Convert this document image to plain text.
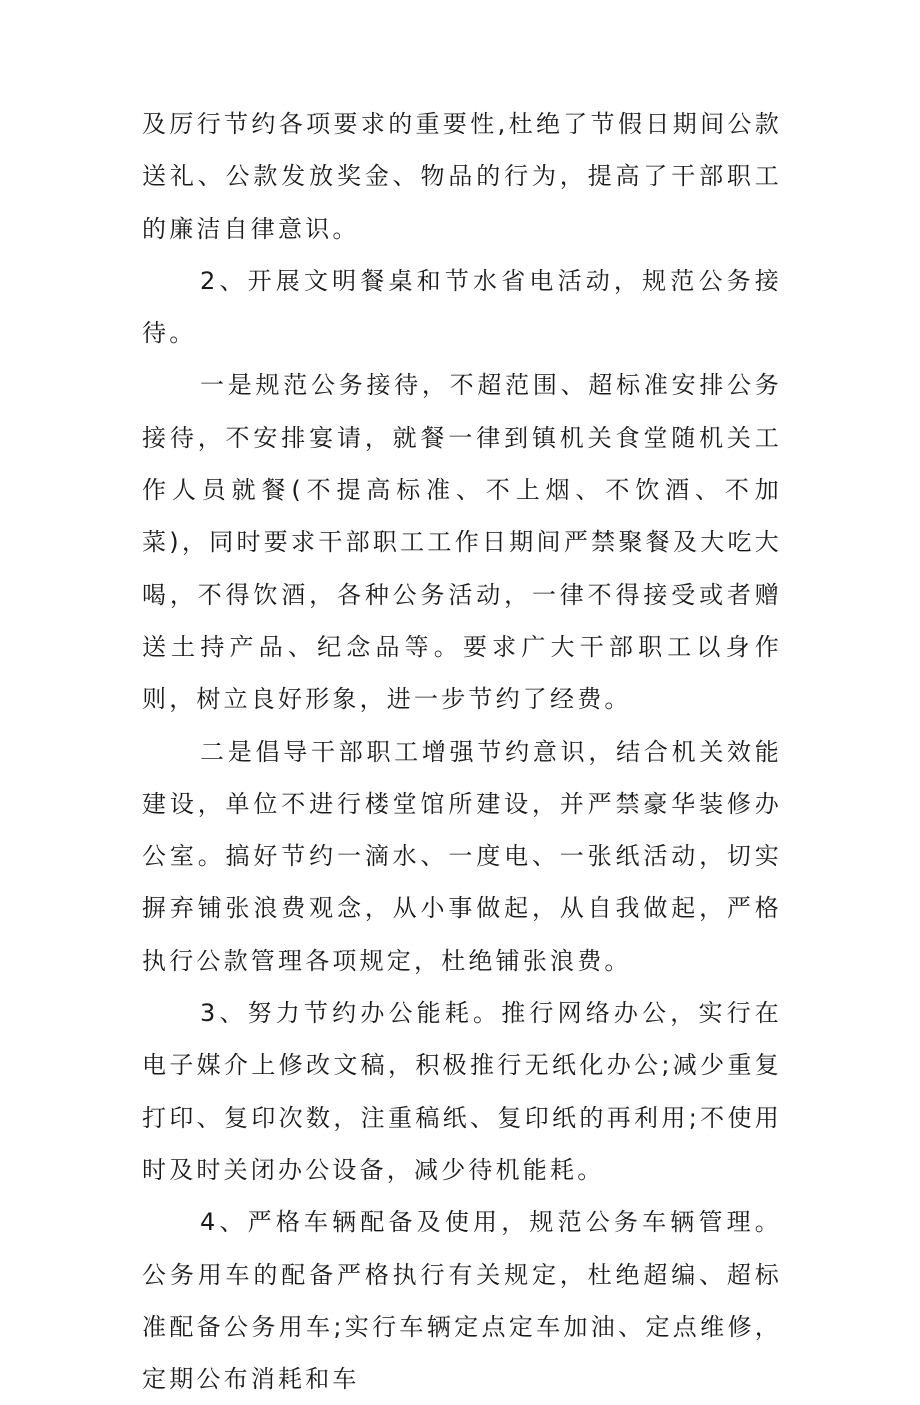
及厉行节约各项要求的重要性,杜绝了节假日期间公款送礼、公款发放奖金、物品的行为，提高了干部职工的廉洁自律意识。

2、开展文明餐桌和节水省电活动，规范公务接待。

一是规范公务接待，不超范围、超标准安排公务接待，不安排宴请，就餐一律到镇机关食堂随机关工作人员就餐(不提高标准、不上烟、不饮酒、不加菜)，同时要求干部职工工作日期间严禁聚餐及大吃大喝，不得饮酒，各种公务活动，一律不得接受或者赠送土持产品、纪念品等。要求广大干部职工以身作则，树立良好形象，进一步节约了经费。

二是倡导干部职工增强节约意识，结合机关效能建设，单位不进行楼堂馆所建设，并严禁豪华装修办公室。搞好节约一滴水、一度电、一张纸活动，切实摒弃铺张浪费观念，从小事做起，从自我做起，严格执行公款管理各项规定，杜绝铺张浪费。

3、努力节约办公能耗。推行网络办公，实行在电子媒介上修改文稿，积极推行无纸化办公;减少重复打印、复印次数，注重稿纸、复印纸的再利用;不使用时及时关闭办公设备，减少待机能耗。

4、严格车辆配备及使用，规范公务车辆管理。公务用车的配备严格执行有关规定，杜绝超编、超标准配备公务用车;实行车辆定点定车加油、定点维修，定期公布消耗和车
